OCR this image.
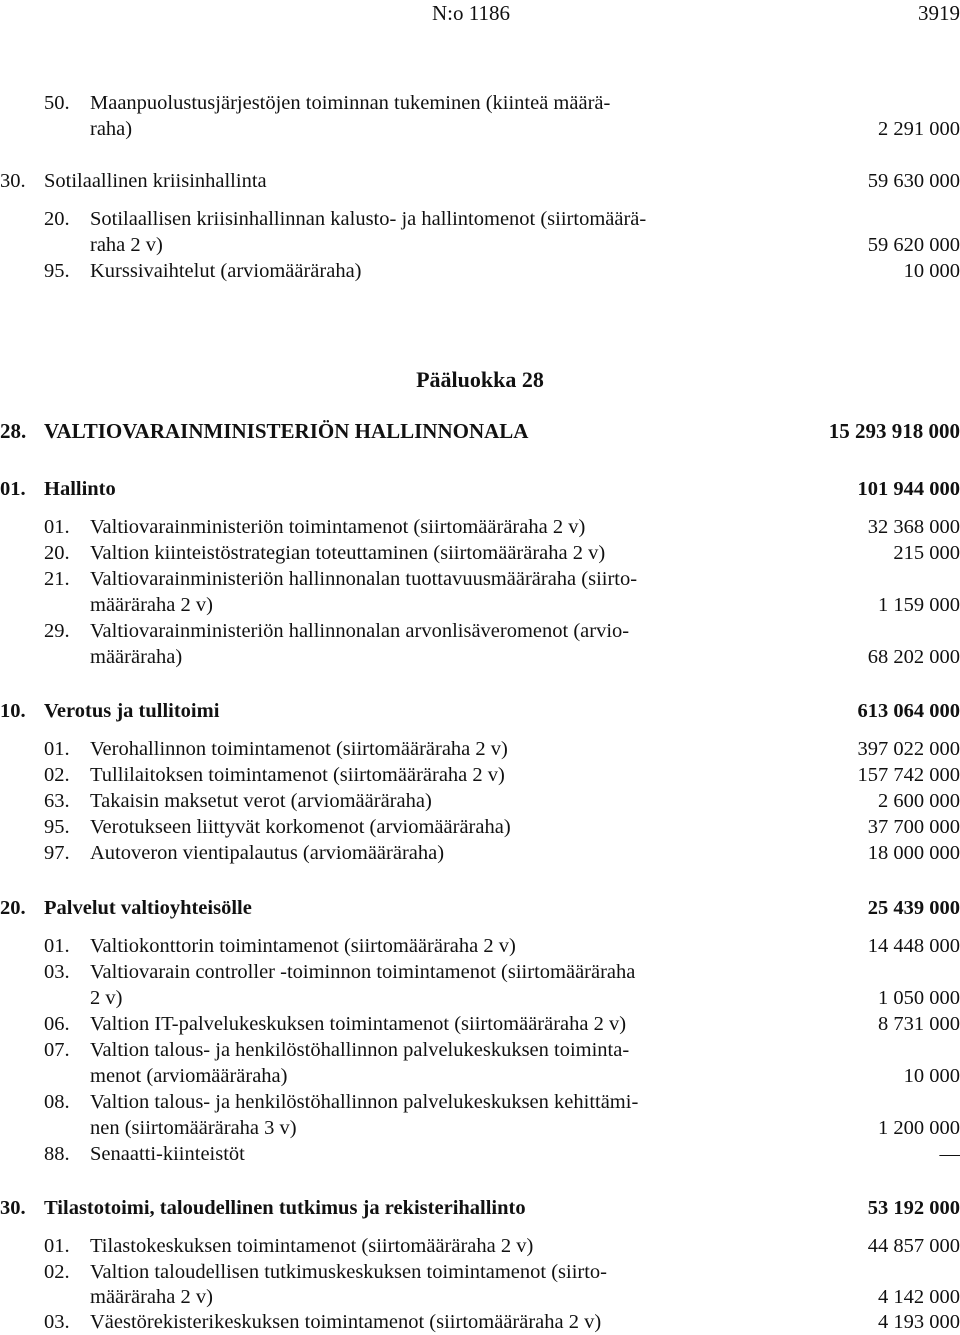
N:o 1186	3919
50. Maanpuolustusjärjestöjen toiminnan tukeminen (kiinteä määrä-
raha)	2 291 000
30. Sotilaallinen kriisinhallinta	59 630 000
20. Sotilaallisen kriisinhallinnan kalusto- ja hallintomenot (siirtomäärä-
raha 2 v)	59 620 000
95. Kurssivaihtelut (arviomääräraha)	10 000
Pääluokka 28
28. VALTIOVARAINMINISTERIÖN HALLINNONALA	15 293 918 000
01. Hallinto	101 944 000
01. Valtiovarainministeriön toimintamenot (siirtomääräraha 2 v)	32 368 000
20. Valtion kiinteistöstrategian toteuttaminen (siirtomääräraha 2 v)	215 000
21. Valtiovarainministeriön hallinnonalan tuottavuusmääräraha (siirto-
määräraha 2 v)	1 159 000
29. Valtiovarainministeriön hallinnonalan arvonlisäveromenot (arvio-
määräraha)	68 202 000
10. Verotus ja tullitoimi	613 064 000
01. Verohallinnon toimintamenot (siirtomääräraha 2 v)	397 022 000
02. Tullilaitoksen toimintamenot (siirtomääräraha 2 v)	157 742 000
63. Takaisin maksetut verot (arviomääräraha)	2 600 000
95. Verotukseen liittyvät korkomenot (arviomääräraha)	37 700 000
97. Autoveron vientipalautus (arviomääräraha)	18 000 000
20. Palvelut valtioyhteisölle	25 439 000
01. Valtiokonttorin toimintamenot (siirtomääräraha 2 v)	14 448 000
03. Valtiovarain controller -toiminnon toimintamenot (siirtomääräraha
2 v)	1 050 000
06. Valtion IT-palvelukeskuksen toimintamenot (siirtomääräraha 2 v)	8 731 000
07. Valtion talous- ja henkilöstöhallinnon palvelukeskuksen toiminta-
menot (arviomääräraha)	10 000
08. Valtion talous- ja henkilöstöhallinnon palvelukeskuksen kehittämi-
nen (siirtomääräraha 3 v)	1 200 000
88. Senaatti-kiinteistöt	—
30. Tilastotoimi, taloudellinen tutkimus ja rekisterihallinto	53 192 000
01. Tilastokeskuksen toimintamenot (siirtomääräraha 2 v)	44 857 000
02. Valtion taloudellisen tutkimuskeskuksen toimintamenot (siirto-
määräraha 2 v)	4 142 000
03. Väestörekisterikeskuksen toimintamenot (siirtomääräraha 2 v)	4 193 000
